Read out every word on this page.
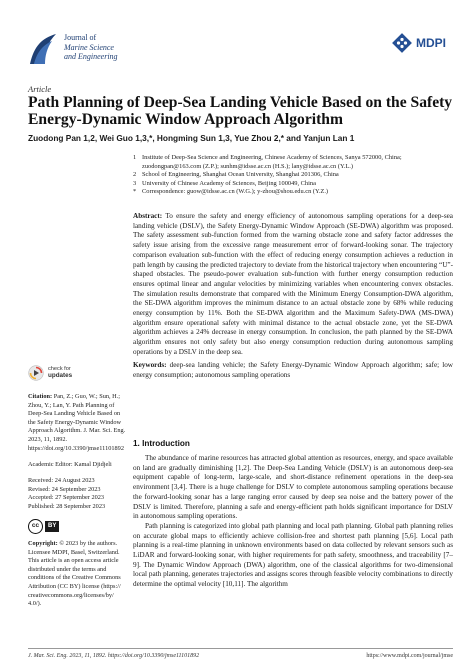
Journal of
Marine Science
and Engineering
MDPI
Article
Path Planning of Deep-Sea Landing Vehicle Based on the Safety Energy-Dynamic Window Approach Algorithm
Zuodong Pan 1,2, Wei Guo 1,3,*, Hongming Sun 1,3, Yue Zhou 2,* and Yanjun Lan 1
1 Institute of Deep-Sea Science and Engineering, Chinese Academy of Sciences, Sanya 572000, China; zuodongpan@163.com (Z.P.); sunhm@idsse.ac.cn (H.S.); lany@idsse.ac.cn (Y.L.)
2 School of Engineering, Shanghai Ocean University, Shanghai 201306, China
3 University of Chinese Academy of Sciences, Beijing 100049, China
* Correspondence: guow@idsse.ac.cn (W.G.); y-zhou@shou.edu.cn (Y.Z.)
Abstract: To ensure the safety and energy efficiency of autonomous sampling operations for a deep-sea landing vehicle (DSLV), the Safety Energy-Dynamic Window Approach (SE-DWA) algorithm was proposed. The safety assessment sub-function formed from the warning obstacle zone and safety factor addresses the safety issue arising from the excessive range measurement error of forward-looking sonar. The trajectory comparison evaluation sub-function with the effect of reducing energy consumption achieves a reduction in path length by causing the predicted trajectory to deviate from the historical trajectory when encountering “U”-shaped obstacles. The pseudo-power evaluation sub-function with further energy consumption reduction ensures optimal linear and angular velocities by minimizing variables when encountering convex obstacles. The simulation results demonstrate that compared with the Minimum Energy Consumption-DWA algorithm, the SE-DWA algorithm improves the minimum distance to an actual obstacle zone by 68% while reducing energy consumption by 11%. Both the SE-DWA algorithm and the Maximum Safety-DWA (MS-DWA) algorithm ensure operational safety with minimal distance to the actual obstacle zone, yet the SE-DWA algorithm achieves a 24% decrease in energy consumption. In conclusion, the path planned by the SE-DWA algorithm ensures not only safety but also energy consumption reduction during autonomous sampling operations by a DSLV in the deep sea.
Keywords: deep-sea landing vehicle; the Safety Energy-Dynamic Window Approach algorithm; safe; low energy consumption; autonomous sampling operations
check for
updates
Citation: Pan, Z.; Guo, W.; Sun, H.; Zhou, Y.; Lan, Y. Path Planning of Deep-Sea Landing Vehicle Based on the Safety Energy-Dynamic Window Approach Algorithm. J. Mar. Sci. Eng. 2023, 11, 1892. https://doi.org/10.3390/jmse11101892
Academic Editor: Kamal Djidjeli
Received: 24 August 2023
Revised: 24 September 2023
Accepted: 27 September 2023
Published: 28 September 2023
cc	BY
Copyright: © 2023 by the authors. Licensee MDPI, Basel, Switzerland. This article is an open access article distributed under the terms and conditions of the Creative Commons Attribution (CC BY) license (https:// creativecommons.org/licenses/by/ 4.0/).
1. Introduction

The abundance of marine resources has attracted global attention as resources, energy, and space available on land are gradually diminishing [1,2]. The Deep-Sea Landing Vehicle (DSLV) is an autonomous deep-sea equipment capable of long-term, large-scale, and short-distance refinement operations in the deep-sea environment [3,4]. There is a huge challenge for DSLV to complete autonomous sampling operations because the forward-looking sonar has a large ranging error caused by deep sea noise and the battery power of the DSLV is limited. Therefore, planning a safe and energy-efficient path holds significant importance for DSLV in autonomous sampling operations.

Path planning is categorized into global path planning and local path planning. Global path planning relies on accurate global maps to efficiently achieve collision-free and shortest path planning [5,6]. Local path planning is a real-time planning in unknown environments based on data collected by relevant sensors such as LiDAR and forward-looking sonar, with higher requirements for path safety, smoothness, and traceability [7–9]. The Dynamic Window Approach (DWA) algorithm, one of the classical algorithms for two-dimensional local path planning, generates trajectories and assigns scores through feasible velocity combinations to directly determine the optimal velocity [10,11]. The algorithm

J. Mar. Sci. Eng. 2023, 11, 1892. https://doi.org/10.3390/jmse11101892	https://www.mdpi.com/journal/jmse
